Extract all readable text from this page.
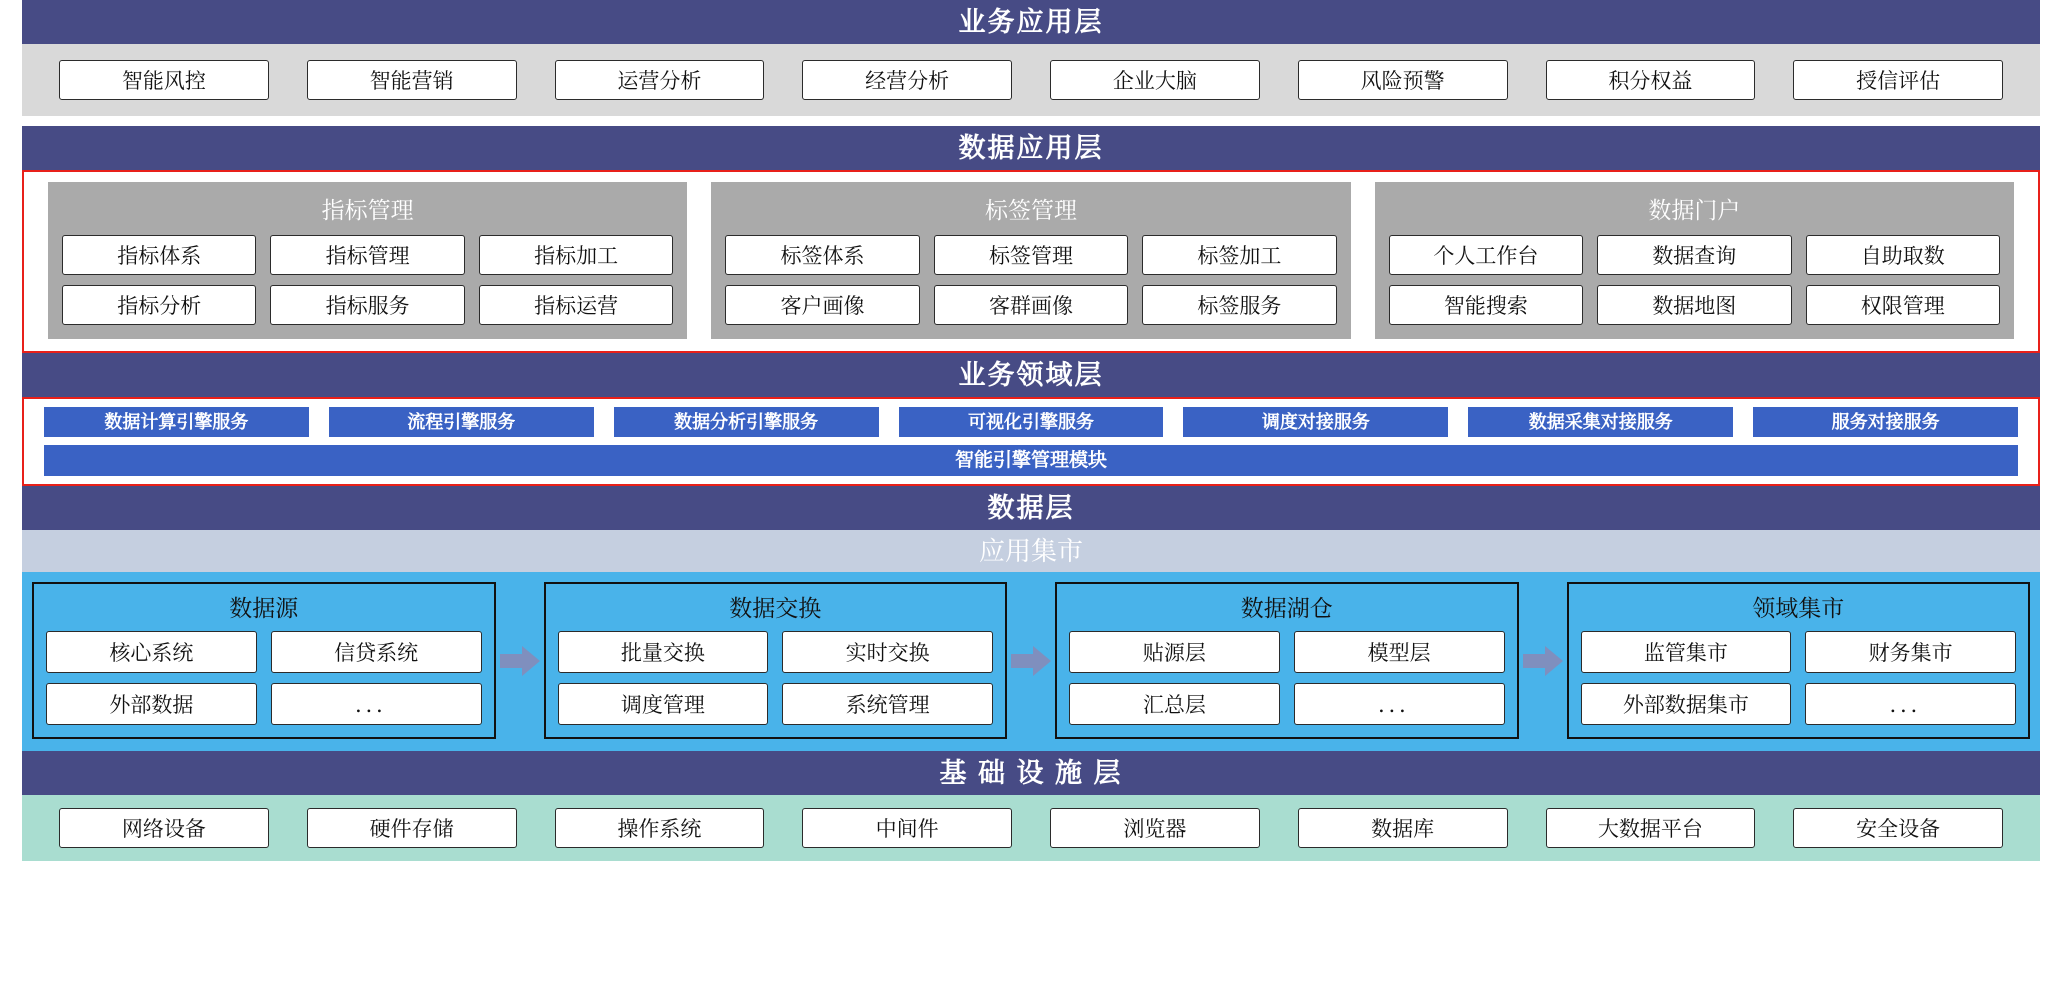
业务应用层
智能风控	智能营销	运营分析	经营分析	企业大脑	风险预警	积分权益	授信评估
数据应用层
指标管理
指标体系	指标管理	指标加工
指标分析	指标服务	指标运营
标签管理
标签体系	标签管理	标签加工
客户画像	客群画像	标签服务
数据门户
个人工作台	数据查询	自助取数
智能搜索	数据地图	权限管理
业务领域层
数据计算引擎服务	流程引擎服务	数据分析引擎服务	可视化引擎服务	调度对接服务	数据采集对接服务	服务对接服务
智能引擎管理模块
数据层
应用集市
数据源
核心系统	信贷系统
外部数据	．．．
数据交换
批量交换	实时交换
调度管理	系统管理
数据湖仓
贴源层	模型层
汇总层	．．．
领域集市
监管集市	财务集市
外部数据集市	．．．
基 础 设 施 层
网络设备	硬件存储	操作系统	中间件	浏览器	数据库	大数据平台	安全设备
